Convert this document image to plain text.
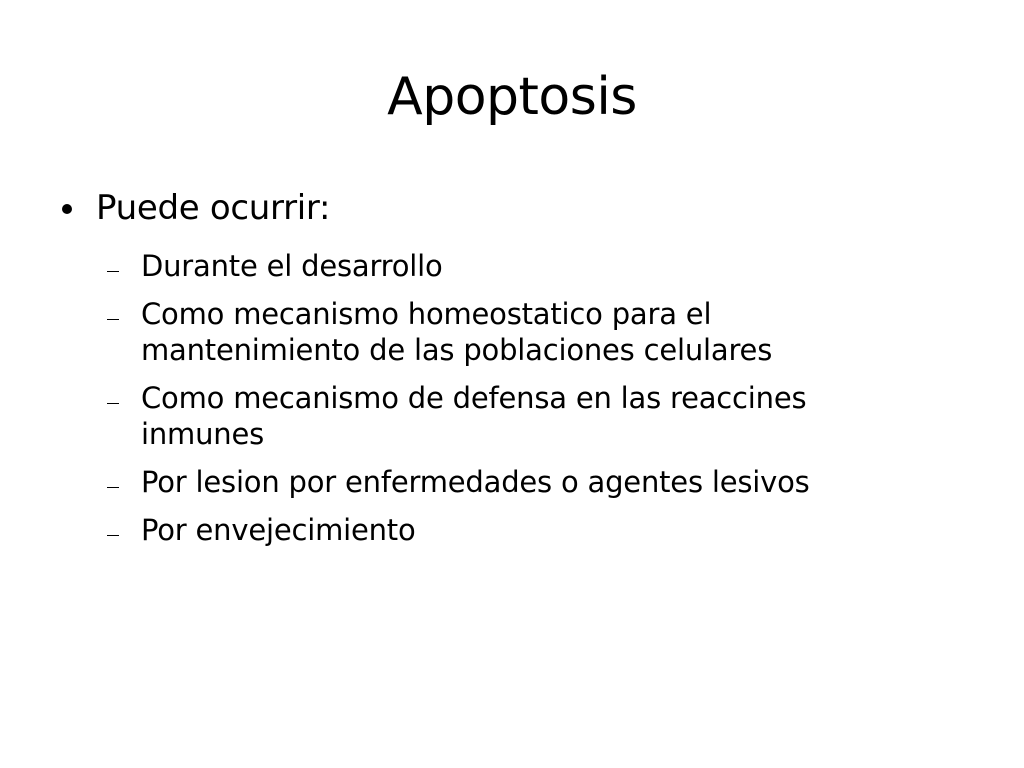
Apoptosis
Puede ocurrir:
Durante el desarrollo
Como mecanismo homeostatico para el mantenimiento de las poblaciones celulares
Como mecanismo de defensa en las reaccines inmunes
Por lesion por enfermedades o agentes lesivos
Por envejecimiento
